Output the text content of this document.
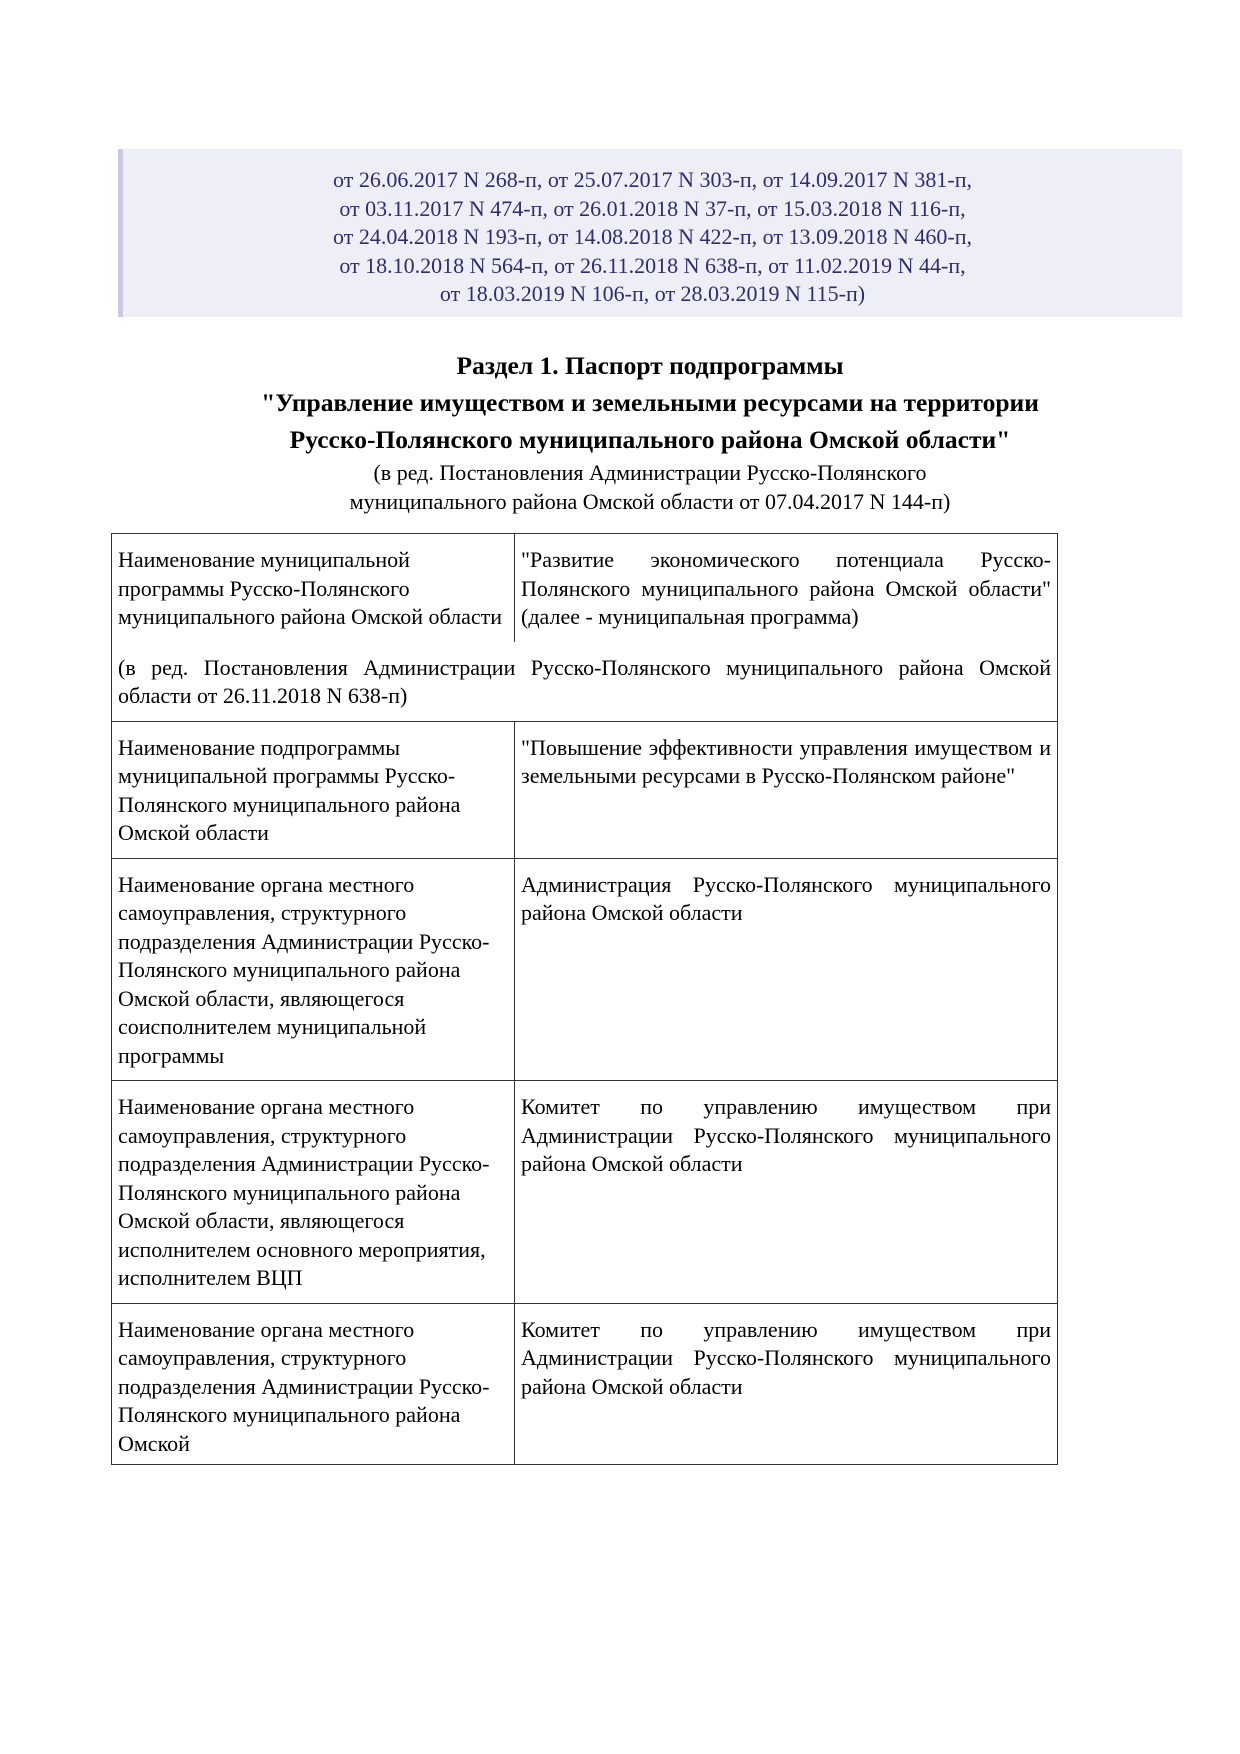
от 26.06.2017 N 268-п, от 25.07.2017 N 303-п, от 14.09.2017 N 381-п,
от 03.11.2017 N 474-п, от 26.01.2018 N 37-п, от 15.03.2018 N 116-п,
от 24.04.2018 N 193-п, от 14.08.2018 N 422-п, от 13.09.2018 N 460-п,
от 18.10.2018 N 564-п, от 26.11.2018 N 638-п, от 11.02.2019 N 44-п,
от 18.03.2019 N 106-п, от 28.03.2019 N 115-п)
Раздел 1. Паспорт подпрограммы
"Управление имуществом и земельными ресурсами на территории
Русско-Полянского муниципального района Омской области"
(в ред. Постановления Администрации Русско-Полянского
муниципального района Омской области от 07.04.2017 N 144-п)
Наименование муниципальной программы Русско-Полянского муниципального района Омской области	"Развитие экономического потенциала Русско-Полянского муниципального района Омской области" (далее - муниципальная программа)
(в ред. Постановления Администрации Русско-Полянского муниципального района Омской области от 26.11.2018 N 638-п)	
Наименование подпрограммы муниципальной программы Русско-Полянского муниципального района Омской области	"Повышение эффективности управления имуществом и земельными ресурсами в Русско-Полянском районе"
Наименование органа местного самоуправления, структурного подразделения Администрации Русско-Полянского муниципального района Омской области, являющегося соисполнителем муниципальной программы	Администрация Русско-Полянского муниципального района Омской области
Наименование органа местного самоуправления, структурного подразделения Администрации Русско-Полянского муниципального района Омской области, являющегося исполнителем основного мероприятия, исполнителем ВЦП	Комитет по управлению имуществом при Администрации Русско-Полянского муниципального района Омской области
Наименование органа местного самоуправления, структурного подразделения Администрации Русско-Полянского муниципального района Омской	Комитет по управлению имуществом при Администрации Русско-Полянского муниципального района Омской области
